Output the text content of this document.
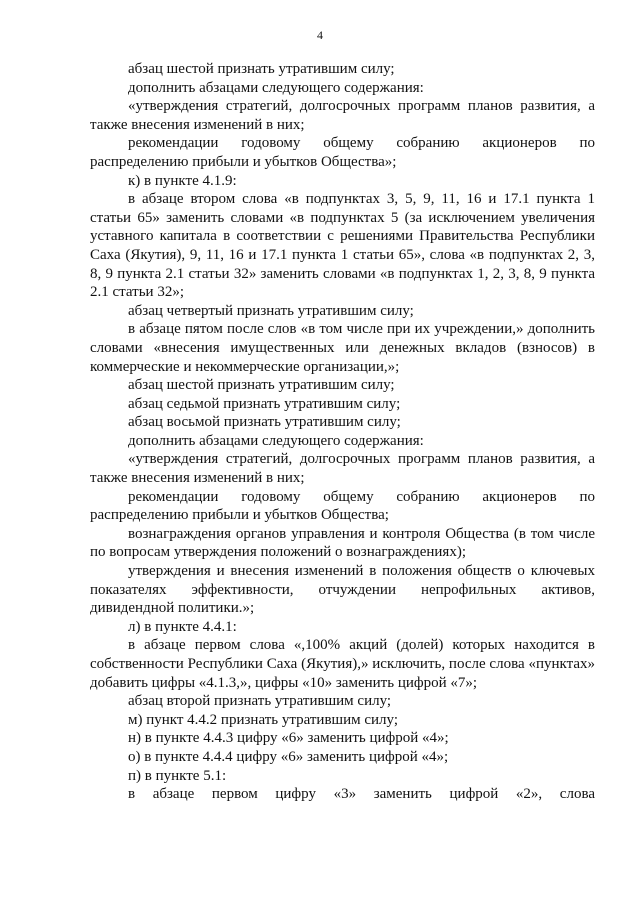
4

абзац шестой признать утратившим силу;

дополнить абзацами следующего содержания:

«утверждения стратегий, долгосрочных программ планов развития, а также внесения изменений в них;

рекомендации годовому общему собранию акционеров по распределению прибыли и убытков Общества»;

к) в пункте 4.1.9:

в абзаце втором слова «в подпунктах 3, 5, 9, 11, 16 и 17.1 пункта 1 статьи 65» заменить словами «в подпунктах 5 (за исключением увеличения уставного капитала в соответствии с решениями Правительства Республики Саха (Якутия), 9, 11, 16 и 17.1 пункта 1 статьи 65», слова «в подпунктах 2, 3, 8, 9 пункта 2.1 статьи 32» заменить словами «в подпунктах 1, 2, 3, 8, 9 пункта 2.1 статьи 32»;

абзац четвертый признать утратившим силу;

в абзаце пятом после слов «в том числе при их учреждении,» дополнить словами «внесения имущественных или денежных вкладов (взносов) в коммерческие и некоммерческие организации,»;

абзац шестой признать утратившим силу;

абзац седьмой признать утратившим силу;

абзац восьмой признать утратившим силу;

дополнить абзацами следующего содержания:

«утверждения стратегий, долгосрочных программ планов развития, а также внесения изменений в них;

рекомендации годовому общему собранию акционеров по распределению прибыли и убытков Общества;

вознаграждения органов управления и контроля Общества (в том числе по вопросам утверждения положений о вознаграждениях);

утверждения и внесения изменений в положения обществ о ключевых показателях эффективности, отчуждении непрофильных активов, дивидендной политики.»;

л) в пункте 4.4.1:

в абзаце первом слова «,100% акций (долей) которых находится в собственности Республики Саха (Якутия),» исключить, после слова «пунктах» добавить цифры «4.1.3,», цифры «10» заменить цифрой «7»;

абзац второй признать утратившим силу;

м) пункт 4.4.2 признать утратившим силу;

н) в пункте 4.4.3 цифру «6» заменить цифрой «4»;

о) в пункте 4.4.4 цифру «6» заменить цифрой «4»;

п) в пункте 5.1:

в абзаце первом цифру «3» заменить цифрой «2», слова
